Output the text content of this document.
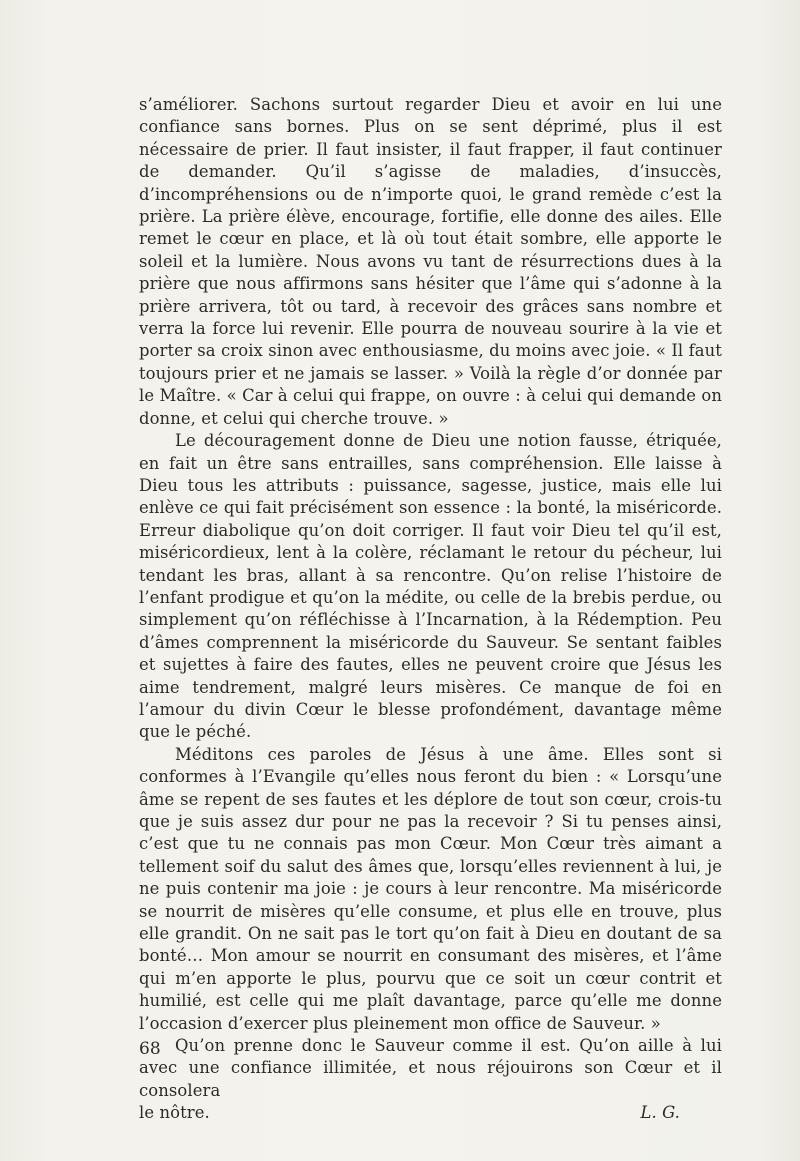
s’améliorer. Sachons surtout regarder Dieu et avoir en lui une confiance sans bornes. Plus on se sent déprimé, plus il est nécessaire de prier. Il faut insister, il faut frapper, il faut continuer de demander. Qu’il s’agisse de maladies, d’insuccès, d’incompréhensions ou de n’importe quoi, le grand remède c’est la prière. La prière élève, encourage, fortifie, elle donne des ailes. Elle remet le cœur en place, et là où tout était sombre, elle apporte le soleil et la lumière. Nous avons vu tant de résurrections dues à la prière que nous affirmons sans hésiter que l’âme qui s’adonne à la prière arrivera, tôt ou tard, à recevoir des grâces sans nombre et verra la force lui revenir. Elle pourra de nouveau sourire à la vie et porter sa croix sinon avec enthousiasme, du moins avec joie. « Il faut toujours prier et ne jamais se lasser. » Voilà la règle d’or donnée par le Maître. « Car à celui qui frappe, on ouvre : à celui qui demande on donne, et celui qui cherche trouve. »

Le découragement donne de Dieu une notion fausse, étriquée, en fait un être sans entrailles, sans compréhension. Elle laisse à Dieu tous les attributs : puissance, sagesse, justice, mais elle lui enlève ce qui fait précisément son essence : la bonté, la miséricorde. Erreur diabolique qu’on doit corriger. Il faut voir Dieu tel qu’il est, miséricordieux, lent à la colère, réclamant le retour du pécheur, lui tendant les bras, allant à sa rencontre. Qu’on relise l’histoire de l’enfant prodigue et qu’on la médite, ou celle de la brebis perdue, ou simplement qu’on réfléchisse à l’Incarnation, à la Rédemption. Peu d’âmes comprennent la miséricorde du Sauveur. Se sentant faibles et sujettes à faire des fautes, elles ne peuvent croire que Jésus les aime tendrement, malgré leurs misères. Ce manque de foi en l’amour du divin Cœur le blesse profondément, davantage même que le péché.

Méditons ces paroles de Jésus à une âme. Elles sont si conformes à l’Evangile qu’elles nous feront du bien : « Lorsqu’une âme se repent de ses fautes et les déplore de tout son cœur, crois-tu que je suis assez dur pour ne pas la recevoir ? Si tu penses ainsi, c’est que tu ne connais pas mon Cœur. Mon Cœur très aimant a tellement soif du salut des âmes que, lorsqu’elles reviennent à lui, je ne puis contenir ma joie : je cours à leur rencontre. Ma miséricorde se nourrit de misères qu’elle consume, et plus elle en trouve, plus elle grandit. On ne sait pas le tort qu’on fait à Dieu en doutant de sa bonté… Mon amour se nourrit en consumant des misères, et l’âme qui m’en apporte le plus, pourvu que ce soit un cœur contrit et humilié, est celle qui me plaît davantage, parce qu’elle me donne l’occasion d’exercer plus pleinement mon office de Sauveur. »

Qu’on prenne donc le Sauveur comme il est. Qu’on aille à lui avec une confiance illimitée, et nous réjouirons son Cœur et il consolera

le nôtre.	L. G.
68
